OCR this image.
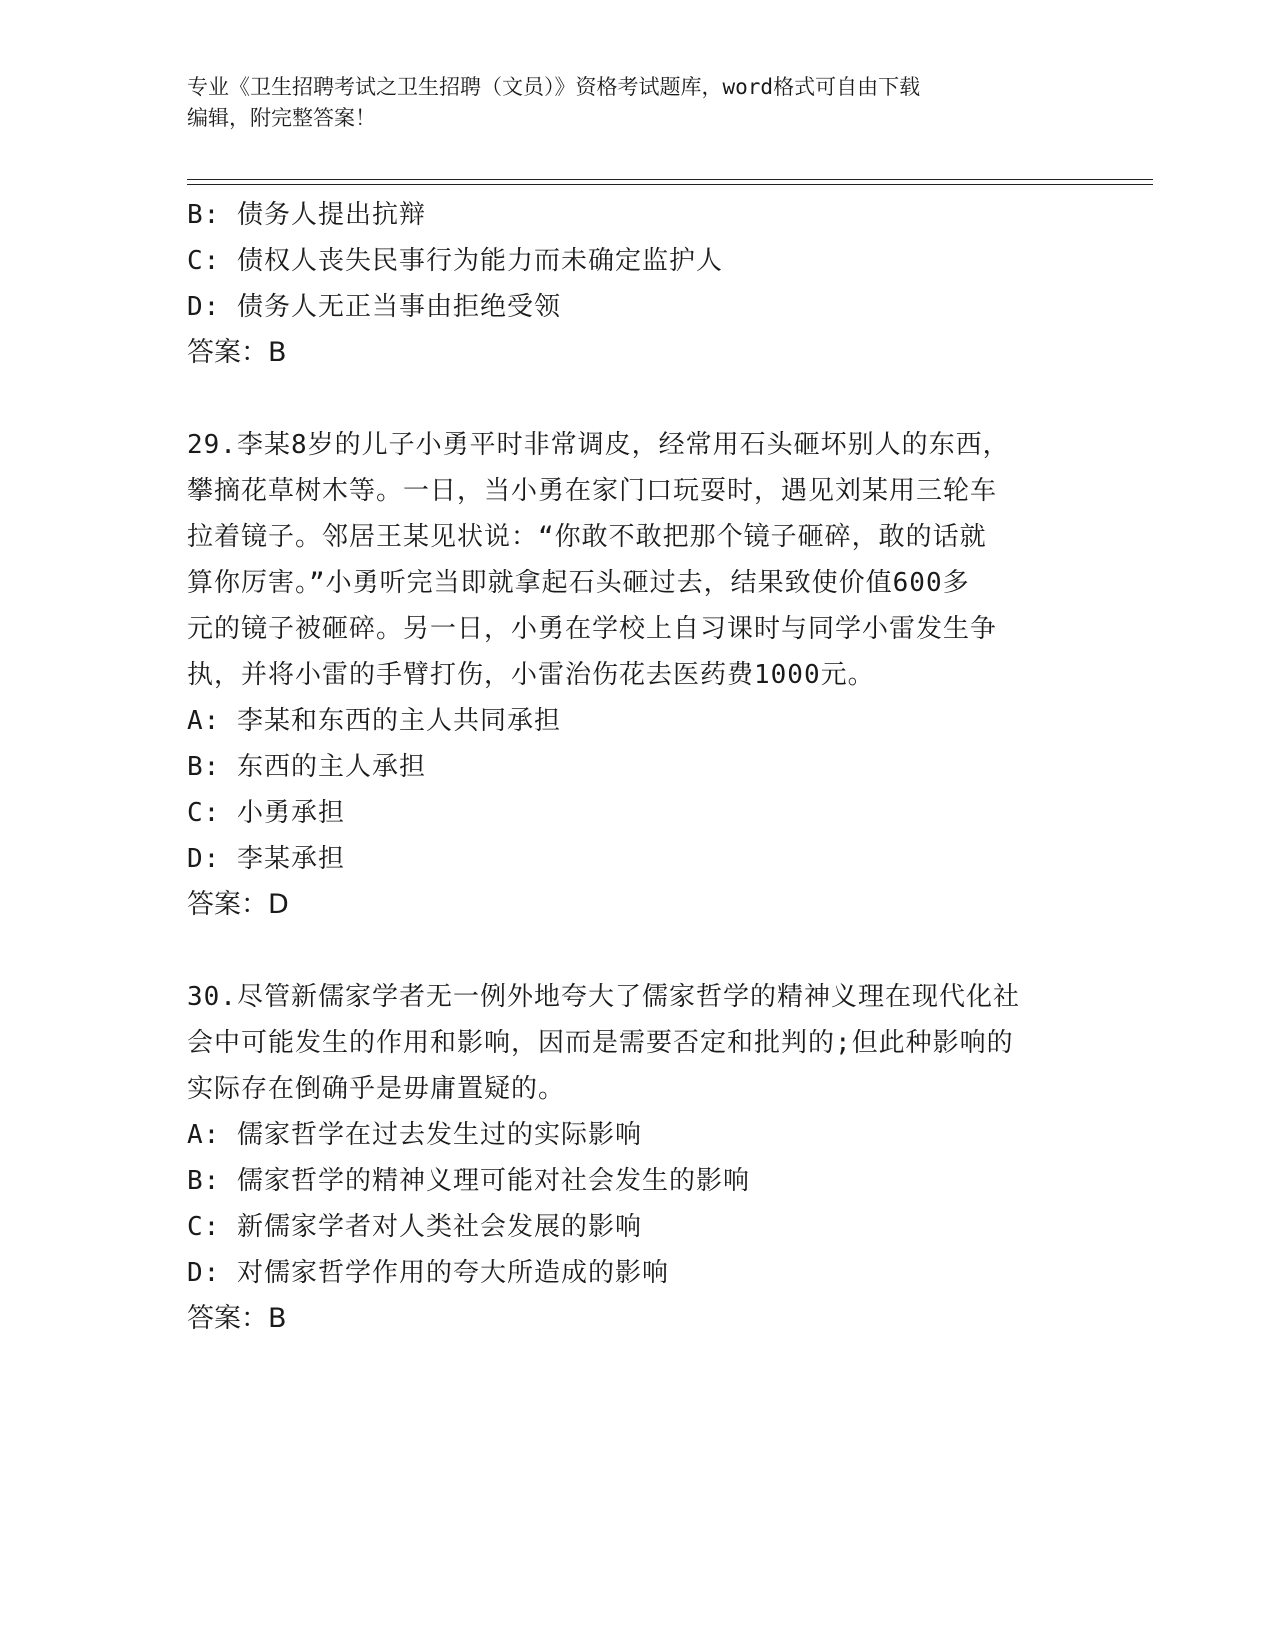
专业《卫生招聘考试之卫生招聘（文员）》资格考试题库，word格式可自由下载
编辑，附完整答案！
B: 债务人提出抗辩
C: 债权人丧失民事行为能力而未确定监护人
D: 债务人无正当事由拒绝受领
答案：B
29.李某8岁的儿子小勇平时非常调皮，经常用石头砸坏别人的东西，
攀摘花草树木等。一日，当小勇在家门口玩耍时，遇见刘某用三轮车
拉着镜子。邻居王某见状说：“你敢不敢把那个镜子砸碎，敢的话就
算你厉害。”小勇听完当即就拿起石头砸过去，结果致使价值600多
元的镜子被砸碎。另一日，小勇在学校上自习课时与同学小雷发生争
执，并将小雷的手臂打伤，小雷治伤花去医药费1000元。
A: 李某和东西的主人共同承担
B: 东西的主人承担
C: 小勇承担
D: 李某承担
答案：D
30.尽管新儒家学者无一例外地夸大了儒家哲学的精神义理在现代化社
会中可能发生的作用和影响，因而是需要否定和批判的;但此种影响的
实际存在倒确乎是毋庸置疑的。
A: 儒家哲学在过去发生过的实际影响
B: 儒家哲学的精神义理可能对社会发生的影响
C: 新儒家学者对人类社会发展的影响
D: 对儒家哲学作用的夸大所造成的影响
答案：B
